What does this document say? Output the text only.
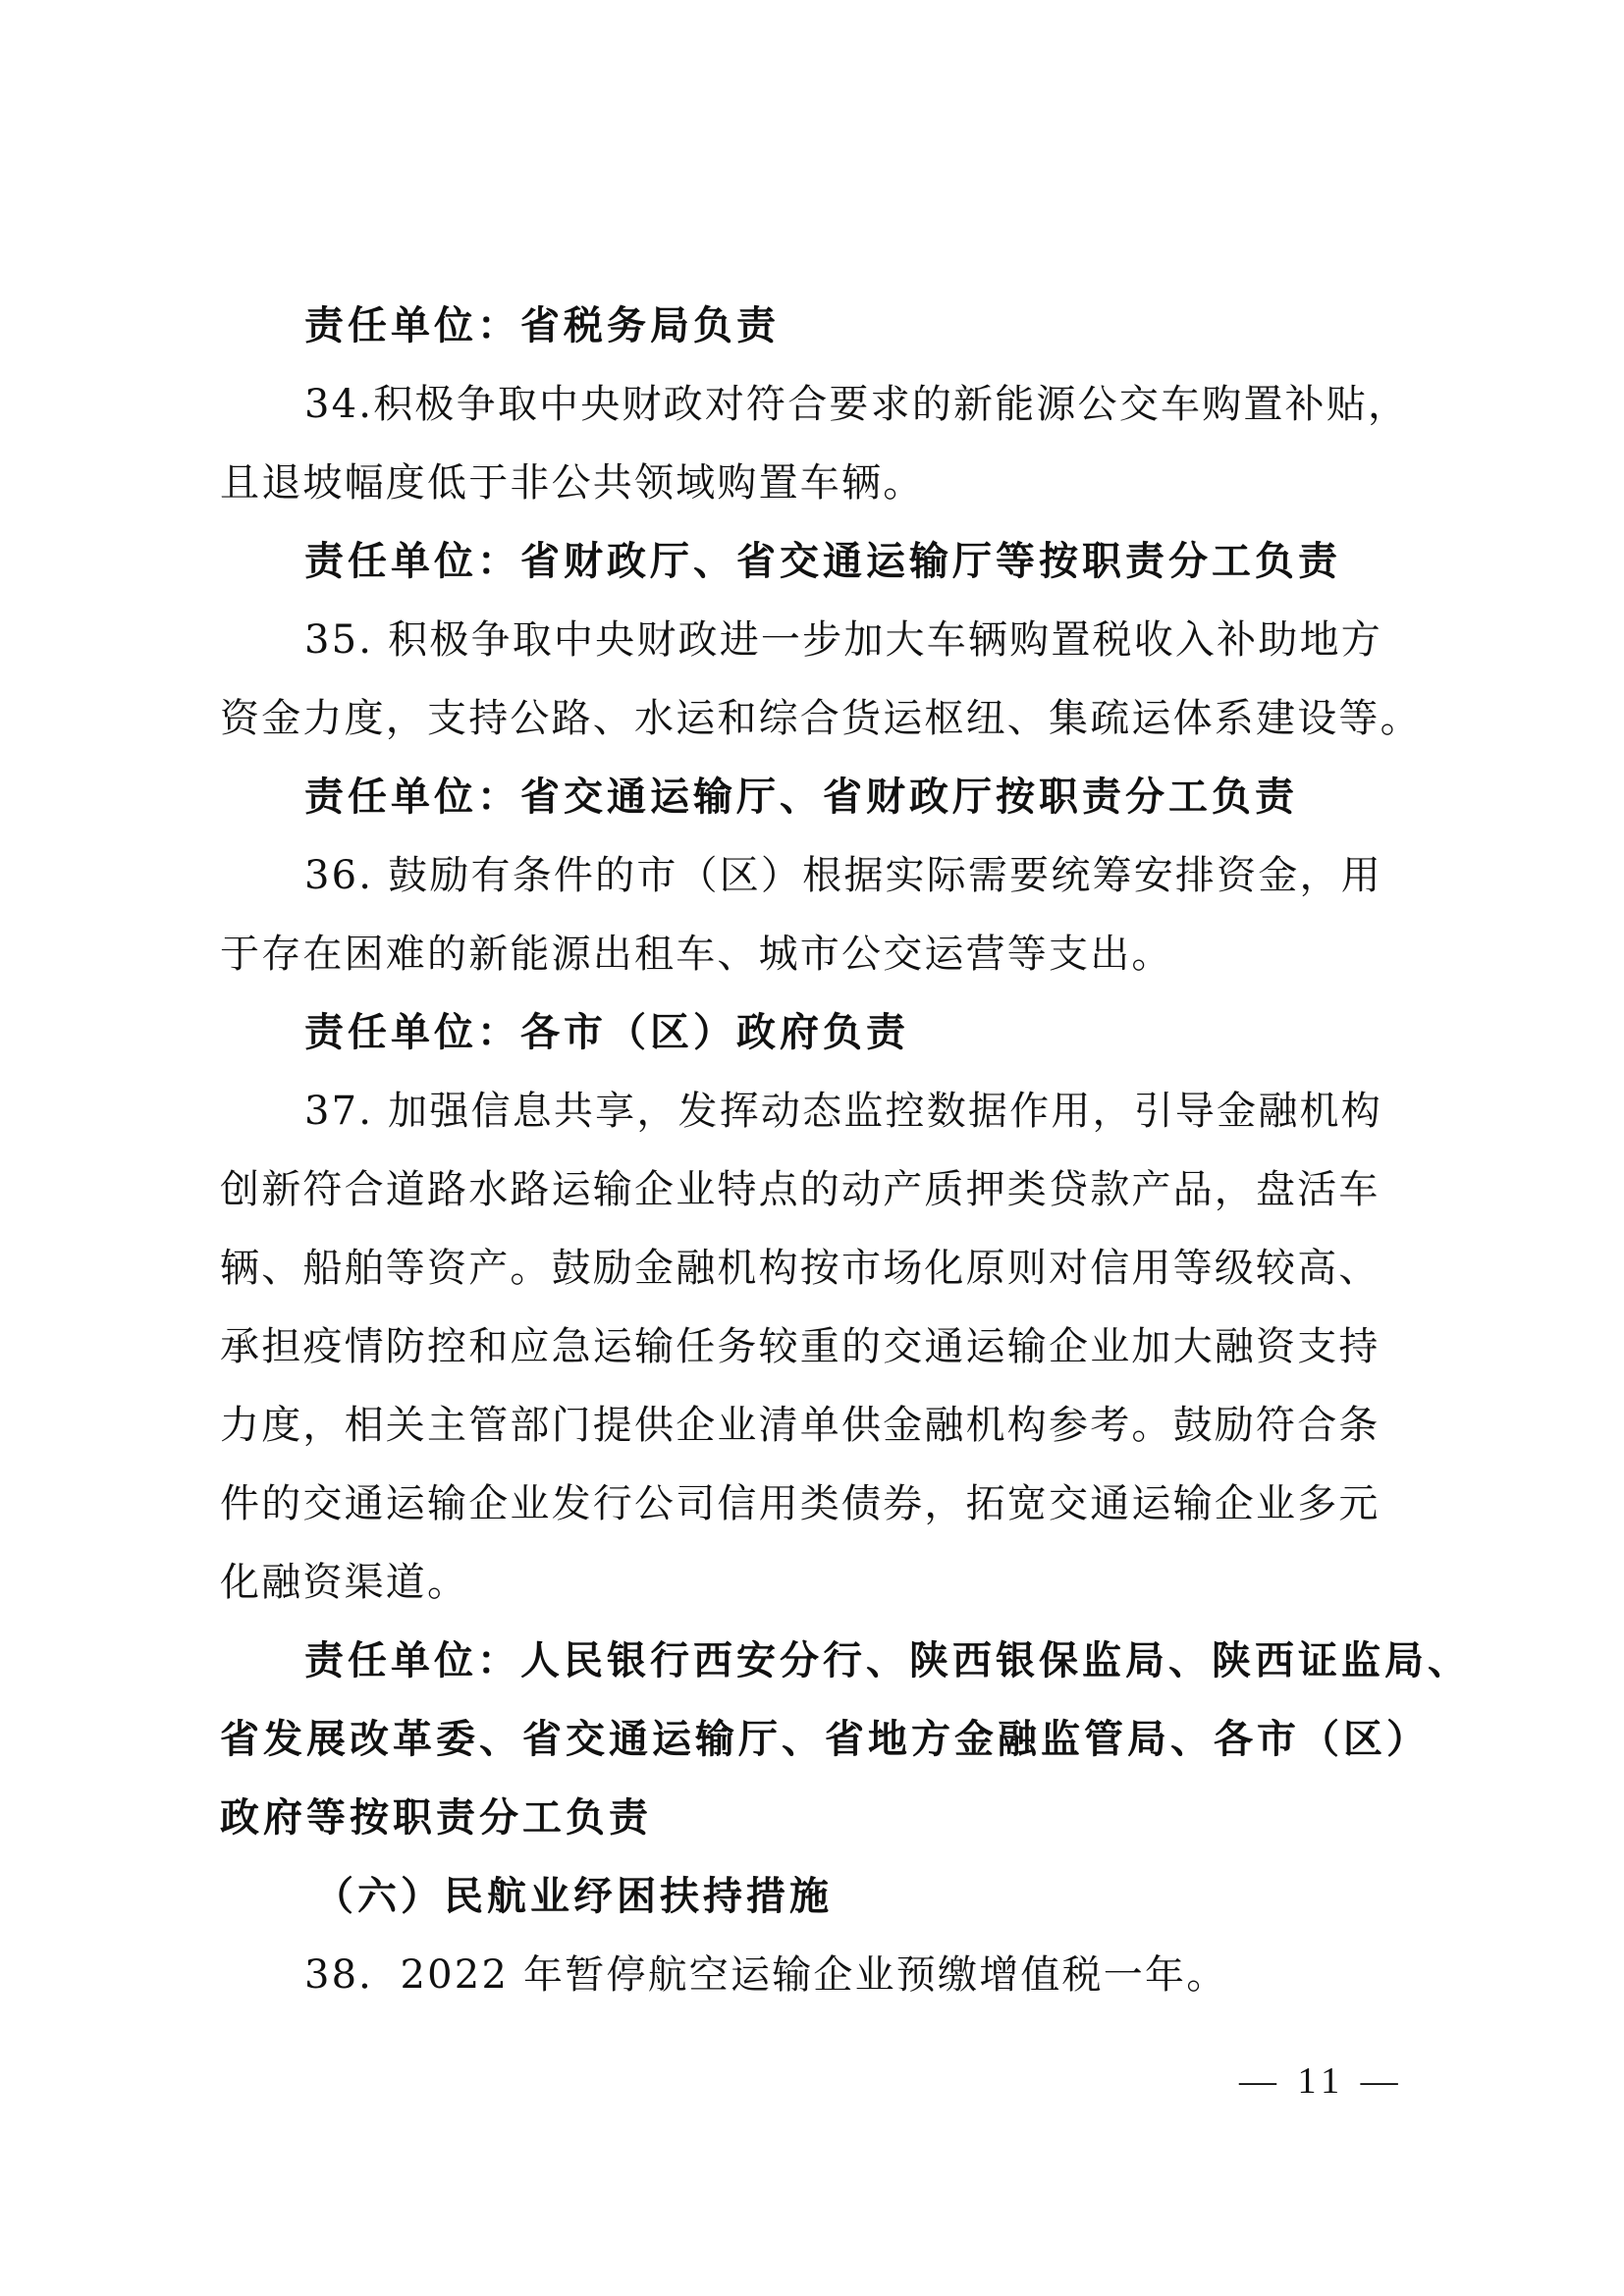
责任单位：省税务局负责
34.积极争取中央财政对符合要求的新能源公交车购置补贴，
且退坡幅度低于非公共领域购置车辆。
责任单位：省财政厅、省交通运输厅等按职责分工负责
35. 积极争取中央财政进一步加大车辆购置税收入补助地方
资金力度，支持公路、水运和综合货运枢纽、集疏运体系建设等。
责任单位：省交通运输厅、省财政厅按职责分工负责
36. 鼓励有条件的市（区）根据实际需要统筹安排资金，用
于存在困难的新能源出租车、城市公交运营等支出。
责任单位：各市（区）政府负责
37. 加强信息共享，发挥动态监控数据作用，引导金融机构
创新符合道路水路运输企业特点的动产质押类贷款产品，盘活车
辆、船舶等资产。鼓励金融机构按市场化原则对信用等级较高、
承担疫情防控和应急运输任务较重的交通运输企业加大融资支持
力度，相关主管部门提供企业清单供金融机构参考。鼓励符合条
件的交通运输企业发行公司信用类债券，拓宽交通运输企业多元
化融资渠道。
责任单位：人民银行西安分行、陕西银保监局、陕西证监局、
省发展改革委、省交通运输厅、省地方金融监管局、各市（区）
政府等按职责分工负责
（六）民航业纾困扶持措施
38．2022 年暂停航空运输企业预缴增值税一年。
— 11 —
